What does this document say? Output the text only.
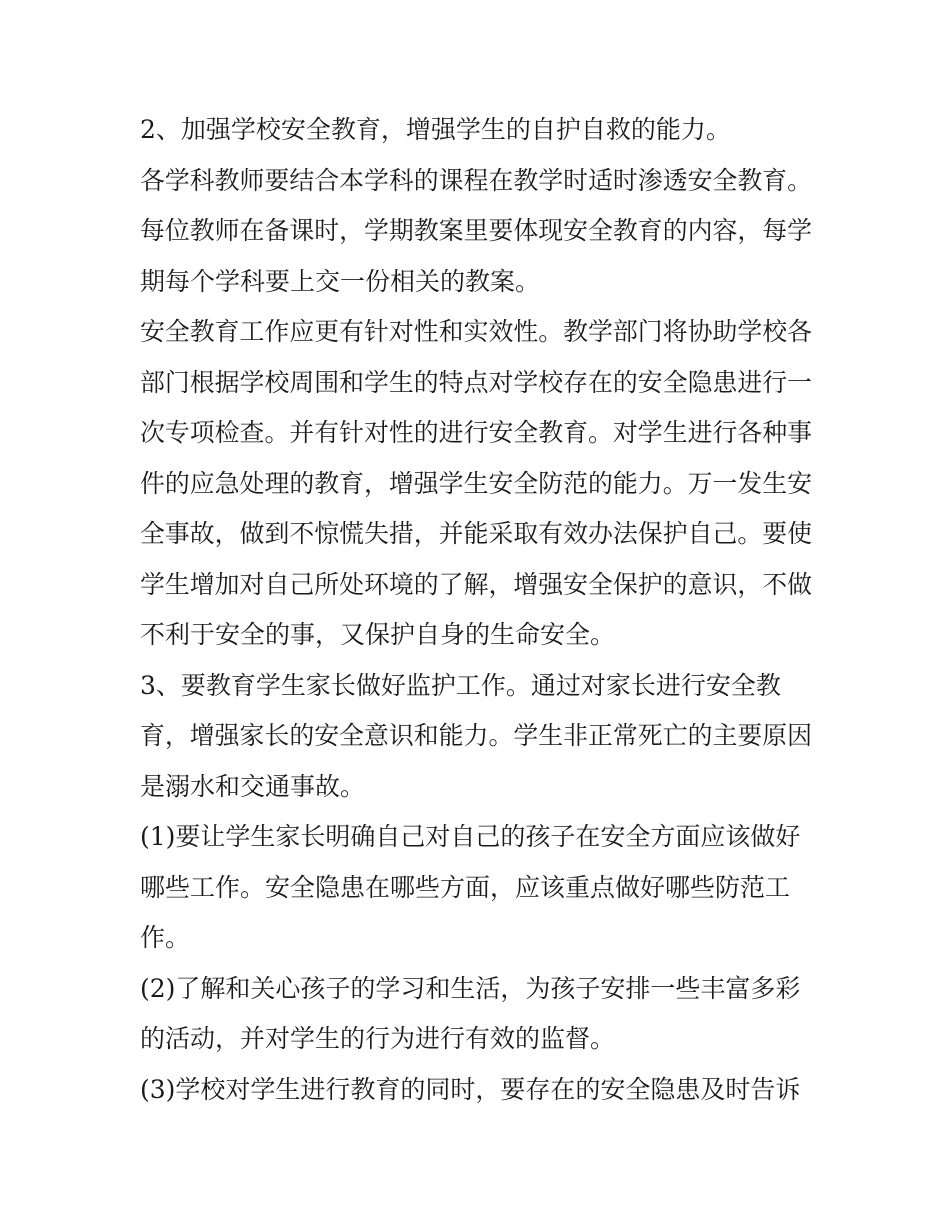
2、加强学校安全教育，增强学生的自护自救的能力。

各学科教师要结合本学科的课程在教学时适时渗透安全教育。

每位教师在备课时，学期教案里要体现安全教育的内容，每学

期每个学科要上交一份相关的教案。

安全教育工作应更有针对性和实效性。教学部门将协助学校各

部门根据学校周围和学生的特点对学校存在的安全隐患进行一

次专项检查。并有针对性的进行安全教育。对学生进行各种事

件的应急处理的教育，增强学生安全防范的能力。万一发生安

全事故，做到不惊慌失措，并能采取有效办法保护自己。要使

学生增加对自己所处环境的了解，增强安全保护的意识，不做

不利于安全的事，又保护自身的生命安全。

3、要教育学生家长做好监护工作。通过对家长进行安全教

育，增强家长的安全意识和能力。学生非正常死亡的主要原因

是溺水和交通事故。

(1)要让学生家长明确自己对自己的孩子在安全方面应该做好

哪些工作。安全隐患在哪些方面，应该重点做好哪些防范工

作。

(2)了解和关心孩子的学习和生活，为孩子安排一些丰富多彩

的活动，并对学生的行为进行有效的监督。

(3)学校对学生进行教育的同时，要存在的安全隐患及时告诉
